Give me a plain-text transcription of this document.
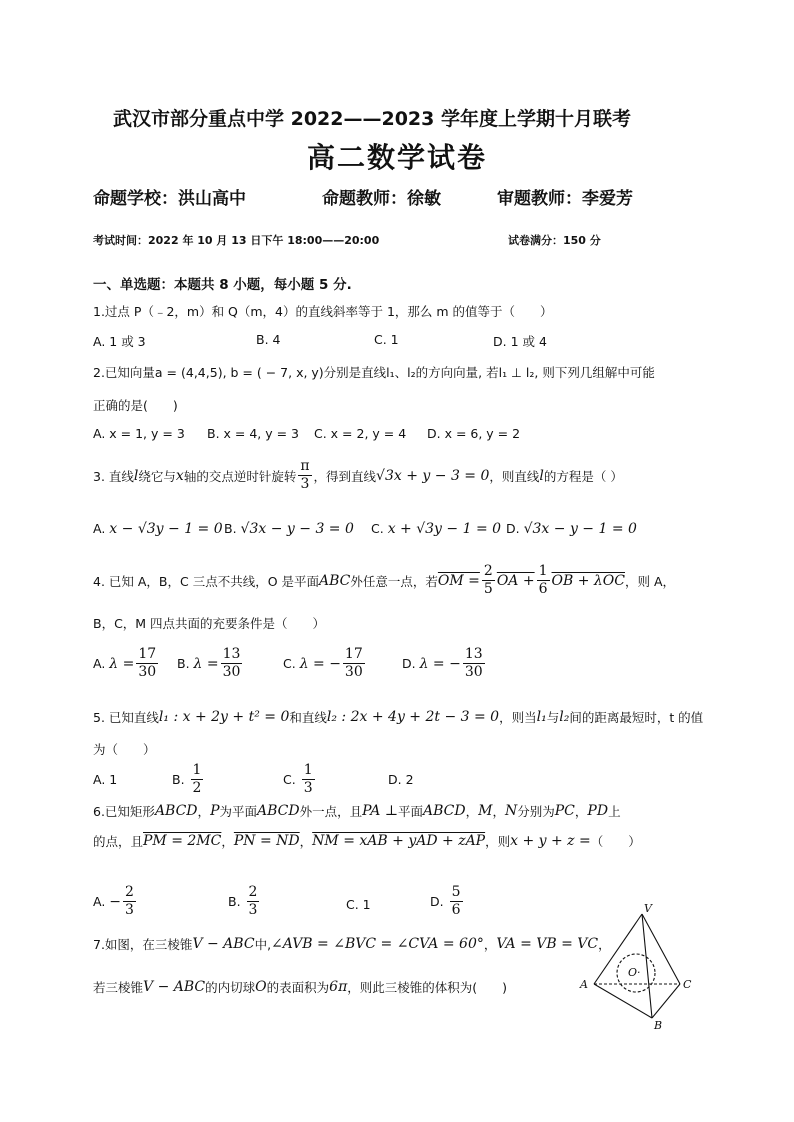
武汉市部分重点中学 2022——2023 学年度上学期十月联考
高二数学试卷
命题学校：洪山高中	命题教师：徐敏	审题教师：李爱芳
考试时间：2022 年 10 月 13 日下午 18:00——20:00	试卷满分：150 分
一、单选题：本题共 8 小题，每小题 5 分.
1.过点 P（﹣2，m）和 Q（m，4）的直线斜率等于 1，那么 m 的值等于（　　）
A. 1 或 3	B. 4	C. 1	D. 1 或 4
2.已知向量a = (4,4,5), b = ( − 7, x, y)分别是直线l₁、l₂的方向向量, 若l₁ ⊥ l₂, 则下列几组解中可能
正确的是(　　)
A. x = 1, y = 3 B. x = 4, y = 3 C. x = 2, y = 4 D. x = 6, y = 2
3. 直线 l 绕它与 x 轴的交点逆时针旋转 $\frac{\pi}{3}$ ，得到直线 √3x + y − 3 = 0 ，则直线 l 的方程是（ ）
A. x − √3y − 1 = 0 B. √3x − y − 3 = 0 C. x + √3y − 1 = 0 D. √3x − y − 1 = 0
4. 已知 A，B，C 三点不共线，O 是平面 ABC 外任意一点，若 OM = $\frac{2}{5}$ OA + $\frac{1}{6}$ OB + λOC ，则 A，
B，C，M 四点共面的充要条件是（　　）
A.
$\lambda = \frac{17}{30} B$.
$\lambda = \frac{13}{30}$	C.
λ = − $\frac{17}{30}$	D.
λ = − $\frac{13}{30}$
5. 已知直线 l₁ : x + 2y + t² = 0 和直线 l₂ : 2x + 4y + 2t − 3 = 0 ，则当 l₁ 与 l₂ 间的距离最短时，t 的值
为（　　）
A. 1	B.
$\frac{1}{2}$	C.
$\frac{1}{3}$	D. 2
6.已知矩形 ABCD ， P 为平面 ABCD 外一点，且 PA ⊥ 平面 ABCD ， M ， N 分别为 PC ， PD 上
的点，且 PM = 2MC ， PN = ND ， NM = xAB + yAD + zAP ，则 x + y + z = （　　）
A.
− $\frac{2}{3}$	B.
$\frac{2}{3}$	C. 1	D.
$\frac{5}{6}$
7.如图，在三棱锥 V − ABC 中, ∠AVB = ∠BVC = ∠CVA = 60° ， VA = VB = VC ，
若三棱锥 V − ABC 的内切球 O 的表面积为 6π ，则此三棱锥的体积为 (　　)
V
A	C
B
O·
